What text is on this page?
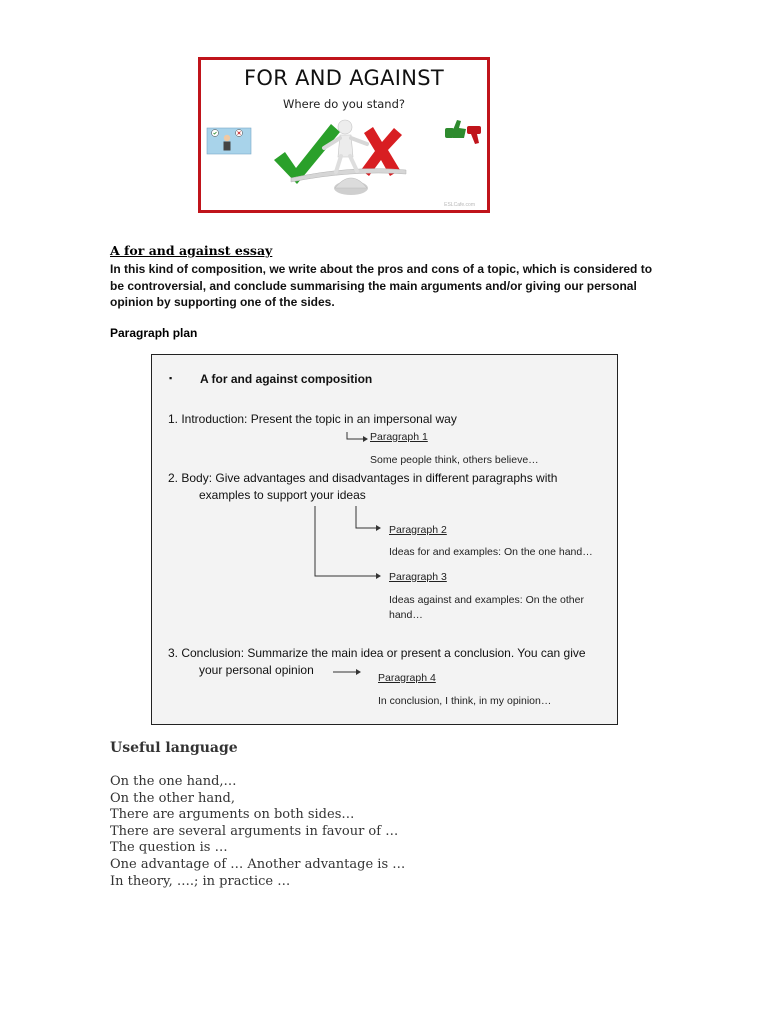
FOR AND AGAINST
Where do you stand?
ESLCafe.com
A for and against essay
In this kind of composition, we write about the pros and cons of a topic, which is considered to
be controversial, and conclude summarising the main arguments and/or giving our personal
opinion by supporting one of the sides.
Paragraph plan
▪ A for and against composition
1. Introduction: Present the topic in an impersonal way
Paragraph 1
Some people think, others believe…
2. Body: Give advantages and disadvantages in different paragraphs with
examples to support your ideas
Paragraph 2
Ideas for and examples: On the one hand…
Paragraph 3
Ideas against and examples: On the other
hand…
3. Conclusion: Summarize the main idea or present a conclusion. You can give
your personal opinion
Paragraph 4
In conclusion, I think, in my opinion…
Useful language
On the one hand,…
On the other hand,
There are arguments on both sides…
There are several arguments in favour of …
The question is …
One advantage of … Another advantage is …
In theory, ….; in practice …
